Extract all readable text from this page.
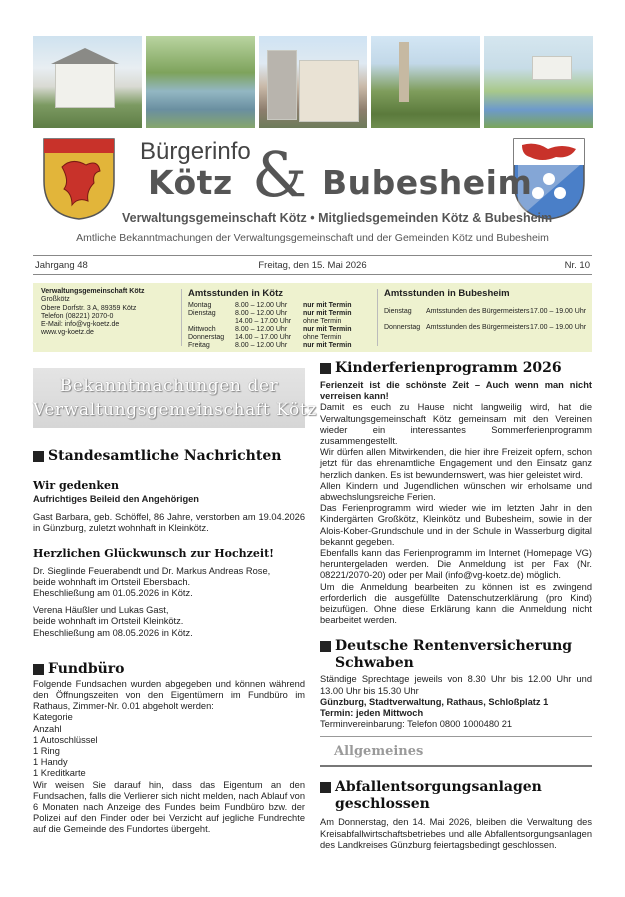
Bürgerinfo
Kötz & Bubesheim
Verwaltungsgemeinschaft Kötz • Mitgliedsgemeinden Kötz & Bubesheim
Amtliche Bekanntmachungen der Verwaltungsgemeinschaft und der Gemeinden Kötz und Bubesheim
Jahrgang 48	Freitag, den 15. Mai 2026	Nr. 10
Verwaltungsgemeinschaft Kötz
Großkötz
Obere Dorfstr. 3 A, 89359 Kötz
Telefon (08221) 2070-0
E-Mail: info@vg-koetz.de
www.vg-koetz.de
Amtsstunden in Kötz
Montag	8.00 – 12.00 Uhr	nur mit Termin
Dienstag	8.00 – 12.00 Uhr	nur mit Termin
14.00 – 17.00 Uhr	ohne Termin
Mittwoch	8.00 – 12.00 Uhr	nur mit Termin
Donnerstag	14.00 – 17.00 Uhr	ohne Termin
Freitag	8.00 – 12.00 Uhr	nur mit Termin
Amtsstunden in Bubesheim
Dienstag	Amtsstunden des Bürgermeisters 17.00 – 19.00 Uhr
Donnerstag Amtsstunden des Bürgermeisters 17.00 – 19.00 Uhr
Bekanntmachungen der
Verwaltungsgemeinschaft Kötz
Standesamtliche Nachrichten
Wir gedenken
Aufrichtiges Beileid den Angehörigen

Gast Barbara, geb. Schöffel, 86 Jahre, verstorben am 19.04.2026 in Günzburg, zuletzt wohnhaft in Kleinkötz.

Herzlichen Glückwunsch zur Hochzeit!
Dr. Sieglinde Feuerabendt und Dr. Markus Andreas Rose,
beide wohnhaft im Ortsteil Ebersbach.
Eheschließung am 01.05.2026 in Kötz.
Verena Häußler und Lukas Gast,
beide wohnhaft im Ortsteil Kleinkötz.
Eheschließung am 08.05.2026 in Kötz.
Fundbüro

Folgende Fundsachen wurden abgegeben und können während den Öffnungszeiten von den Eigentümern im Fundbüro im Rathaus, Zimmer-Nr. 0.01 abgeholt werden:

Kategorie
Anzahl
1 Autoschlüssel
1 Ring
1 Handy
1 Kreditkarte

Wir weisen Sie darauf hin, dass das Eigentum an den Fundsachen, falls die Verlierer sich nicht melden, nach Ablauf von 6 Monaten nach Anzeige des Fundes beim Fundbüro bzw. der Polizei auf den Finder oder bei Verzicht auf jegliche Fundrechte auf die Gemeinde des Fundortes übergeht.

Kinderferienprogramm 2026

Ferienzeit ist die schönste Zeit – Auch wenn man nicht verreisen kann!

Damit es euch zu Hause nicht langweilig wird, hat die Verwaltungsgemeinschaft Kötz gemeinsam mit den Vereinen wieder ein interessantes Sommerferienprogramm zusammengestellt.

Wir dürfen allen Mitwirkenden, die hier ihre Freizeit opfern, schon jetzt für das ehrenamtliche Engagement und den Einsatz ganz herzlich danken. Es ist bewundernswert, was hier geleistet wird.

Allen Kindern und Jugendlichen wünschen wir erholsame und abwechslungsreiche Ferien.

Das Ferienprogramm wird wieder wie im letzten Jahr in den Kindergärten Großkötz, Kleinkötz und Bubesheim, sowie in der Alois-Kober-Grundschule und in der Schule in Wasserburg digital bekannt gegeben.

Ebenfalls kann das Ferienprogramm im Internet (Homepage VG) heruntergeladen werden. Die Anmeldung ist per Fax (Nr. 08221/2070-20) oder per Mail (info@vg-koetz.de) möglich.

Um die Anmeldung bearbeiten zu können ist es zwingend erforderlich die ausgefüllte Datenschutzerklärung (pro Kind) beizufügen. Ohne diese Erklärung kann die Anmeldung nicht bearbeitet werden.

Deutsche Rentenversicherung Schwaben

Ständige Sprechtage jeweils von 8.30 Uhr bis 12.00 Uhr und 13.00 Uhr bis 15.30 Uhr

Günzburg, Stadtverwaltung, Rathaus, Schloßplatz 1
Termin: jeden Mittwoch
Terminvereinbarung: Telefon 0800 1000480 21
Allgemeines
Abfallentsorgungsanlagen geschlossen

Am Donnerstag, den 14. Mai 2026, bleiben die Verwaltung des Kreisabfallwirtschaftsbetriebes und alle Abfallentsorgungsanlagen des Landkreises Günzburg feiertagsbedingt geschlossen.
